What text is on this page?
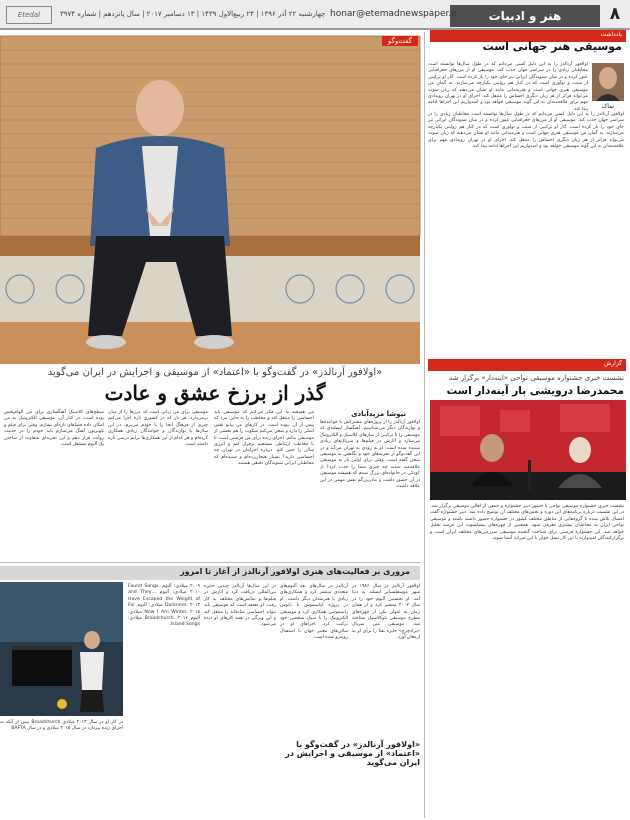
۸
هنر و ادبیات
honar@etemadnewspaper.ir
چهارشنبه ۲۲ آذر ۱۳۹۶ | ۲۴ ربیع‌الاول ۱۴۳۹ | ۱۳ دسامبر ۲۰۱۷ | سال پانزدهم | شماره ۳۹۷۴
Etedal
گفت‌وگو
«اولافور آرنالدز» در گفت‌وگو با «اعتماد» از موسیقی و اجرایش در ایران می‌گوید
گذر از برزخ عشق و عادت
اولافور آرنالدز را از پروژه‌های مشترکش با خواننده‌ها و نوازندگان دیگر می‌شناسیم. آهنگساز ایسلندی که موسیقی را با ترکیبی از سازهای کلاسیک و الکترونیک می‌سازد و آثارش در فیلم‌ها و سریال‌های زیادی شنیده شده است. او به زودی به تهران می‌آید و در این گفت‌وگو از تجربه‌های خود و نگاهش به موسیقی سخن گفته است. وقتی برای اولین بار به موسیقی علاقه‌مند شدید چه چیزی شما را جذب کرد؟ از کودکی در خانواده‌ای بزرگ شدم که همیشه موسیقی در آن حضور داشت و مادربزرگم نقش مهمی در این علاقه داشت.
نیوشا مزیدآبادی
من همیشه به این فکر می‌کنم که موسیقی باید احساسی را منتقل کند و مخاطب را به جایی ببرد که پیش از آن نبوده است. در کارهای من پیانو نقش اصلی را دارد و سعی می‌کنم سکوت را هم بخشی از موسیقی بدانم. اجرای زنده برای من فرصتی است تا با مخاطب ارتباطی مستقیم برقرار کنم و انرژی سالن را حس کنم. درباره اجرایتان در تهران چه احساسی دارید؟ بسیار هیجان‌زده‌ام و شنیده‌ام که مخاطبان ایرانی شنوندگان دقیقی هستند.
موسیقی برای من زبانی است که مرزها را از میان برمی‌دارد. هر بار که در کشوری تازه اجرا می‌کنم چیزی از فرهنگ آنجا را با خودم می‌برم. در این سال‌ها با نوازندگان و خوانندگان زیادی همکاری کرده‌ام و هر کدام از این همکاری‌ها برایم درسی تازه داشته است.
سطح‌های کلاسیک آهنگسازی برای من الهام‌بخش بوده است. در کنار آن، موسیقی الکترونیک به من امکان داده فضاهای تازه‌ای بسازم. وقتی برای فیلم و تلویزیون آهنگ می‌سازم باید خودم را در خدمت روایت قرار دهم و این تجربه‌ای متفاوت از ساختن یک آلبوم مستقل است.
یادداشت
موسیقی هنر جهانی است
نماک
اولافور آرنالدز را به این دلیل کسی می‌دانم که در طول سال‌ها توانسته است مخاطبان زیادی را در سراسر جهان جذب کند. موسیقی او از مرزهای جغرافیایی عبور کرده و در میان شنوندگان ایرانی نیز جای خود را باز کرده است. آثار او ترکیبی از سنت و نوآوری است که در کنار هم روایتی یکپارچه می‌سازند. به گمان من موسیقی هنری جهانی است و هنرمندانی مانند او نشان می‌دهند که زبان صوت می‌تواند فراتر از هر زبان دیگری احساس را منتقل کند. اجرای او در تهران رویدادی مهم برای علاقه‌مندان به این گونه موسیقی خواهد بود و امیدواریم این اجراها ادامه پیدا کند.
اولافور آرنالدز را به این دلیل کسی می‌دانم که در طول سال‌ها توانسته است مخاطبان زیادی را در سراسر جهان جذب کند. موسیقی او از مرزهای جغرافیایی عبور کرده و در میان شنوندگان ایرانی نیز جای خود را باز کرده است. آثار او ترکیبی از سنت و نوآوری است که در کنار هم روایتی یکپارچه می‌سازند. به گمان من موسیقی هنری جهانی است و هنرمندانی مانند او نشان می‌دهند که زبان صوت می‌تواند فراتر از هر زبان دیگری احساس را منتقل کند. اجرای او در تهران رویدادی مهم برای علاقه‌مندان به این گونه موسیقی خواهد بود و امیدواریم این اجراها ادامه پیدا کند.
گزارش
نشست خبری جشنواره موسیقی نواحی «اینه‌دار» برگزار شد
محمدرضا درویشی بار آینه‌دار است
نشست خبری جشنواره موسیقی نواحی با حضور دبیر جشنواره و جمعی از اهالی موسیقی برگزار شد. در این نشست درباره برنامه‌های این دوره و بخش‌های مختلف آن توضیح داده شد. دبیر جشنواره گفت امسال تلاش شده تا گروه‌هایی از مناطق مختلف کشور در جشنواره حضور داشته باشند و موسیقی نواحی ایران به مخاطبان بیشتری معرفی شود. همچنین از چهره‌های پیشکسوت این عرصه تجلیل خواهد شد. این جشنواره فرصتی برای شناخت گنجینه موسیقی سرزمین‌های مختلف ایران است و برگزارکنندگان امیدوارند با این کار نسل جوان با این میراث آشنا شوند.
مروری بر فعالیت‌های هنری اولافور آرنالدز از آغاز تا امروز
در کار او در سال ۲۰۱۳ میلادی Broadchurch پیش از آنکه به اجرای زنده بپردازد در سال ۲۰۱۵ میلادی و در سال BAFTA
۲۰۰۹ میلادی: آلبوم Found Songs. ۲۰۱۰ میلادی: آلبوم ...and They Have Escaped the Weight of Darkness. ۲۰۱۳ میلادی: آلبوم For Now I Am Winter. ۲۰۱۵ میلادی: آلبوم Broadchurch. ۲۰۱۶ میلادی: Island Songs.
در این سال‌ها آرنالدز چندین جایزه بین‌المللی دریافت کرد و آثارش در فیلم‌ها و نمایش‌های مختلف به کار رفت. او معتقد است که موسیقی باید بتواند احساسی صادقانه را منتقل کند و این ویژگی در همه کارهای او دیده می‌شود.
آرنالدز در سال‌های بعد آلبوم‌های متعددی منتشر کرد و همکاری‌های زیادی با هنرمندان دیگر داشت. او در پروژه کیاسموس با یانوس راسموسن همکاری کرد و موسیقی الکترونیک را با سبک شخصی خود ترکیب کرد. اجراهای او در سالن‌های معتبر جهان با استقبال روبه‌رو شده است.
اولافور آرنالدز در سال ۱۹۸۶ در شهر موسفلسبایر ایسلند به دنیا آمد. او نخستین آلبوم خود را در سال ۲۰۰۷ منتشر کرد و از همان زمان به عنوان یکی از چهره‌های مطرح موسیقی نئوکلاسیک شناخته شد. موسیقی متن سریال «برادچرچ» جایزه بفتا را برای او به ارمغان آورد.
«اولافور آرنالدز» در گفت‌وگو با «اعتماد» از موسیقی و اجرایش در ایران می‌گوید
